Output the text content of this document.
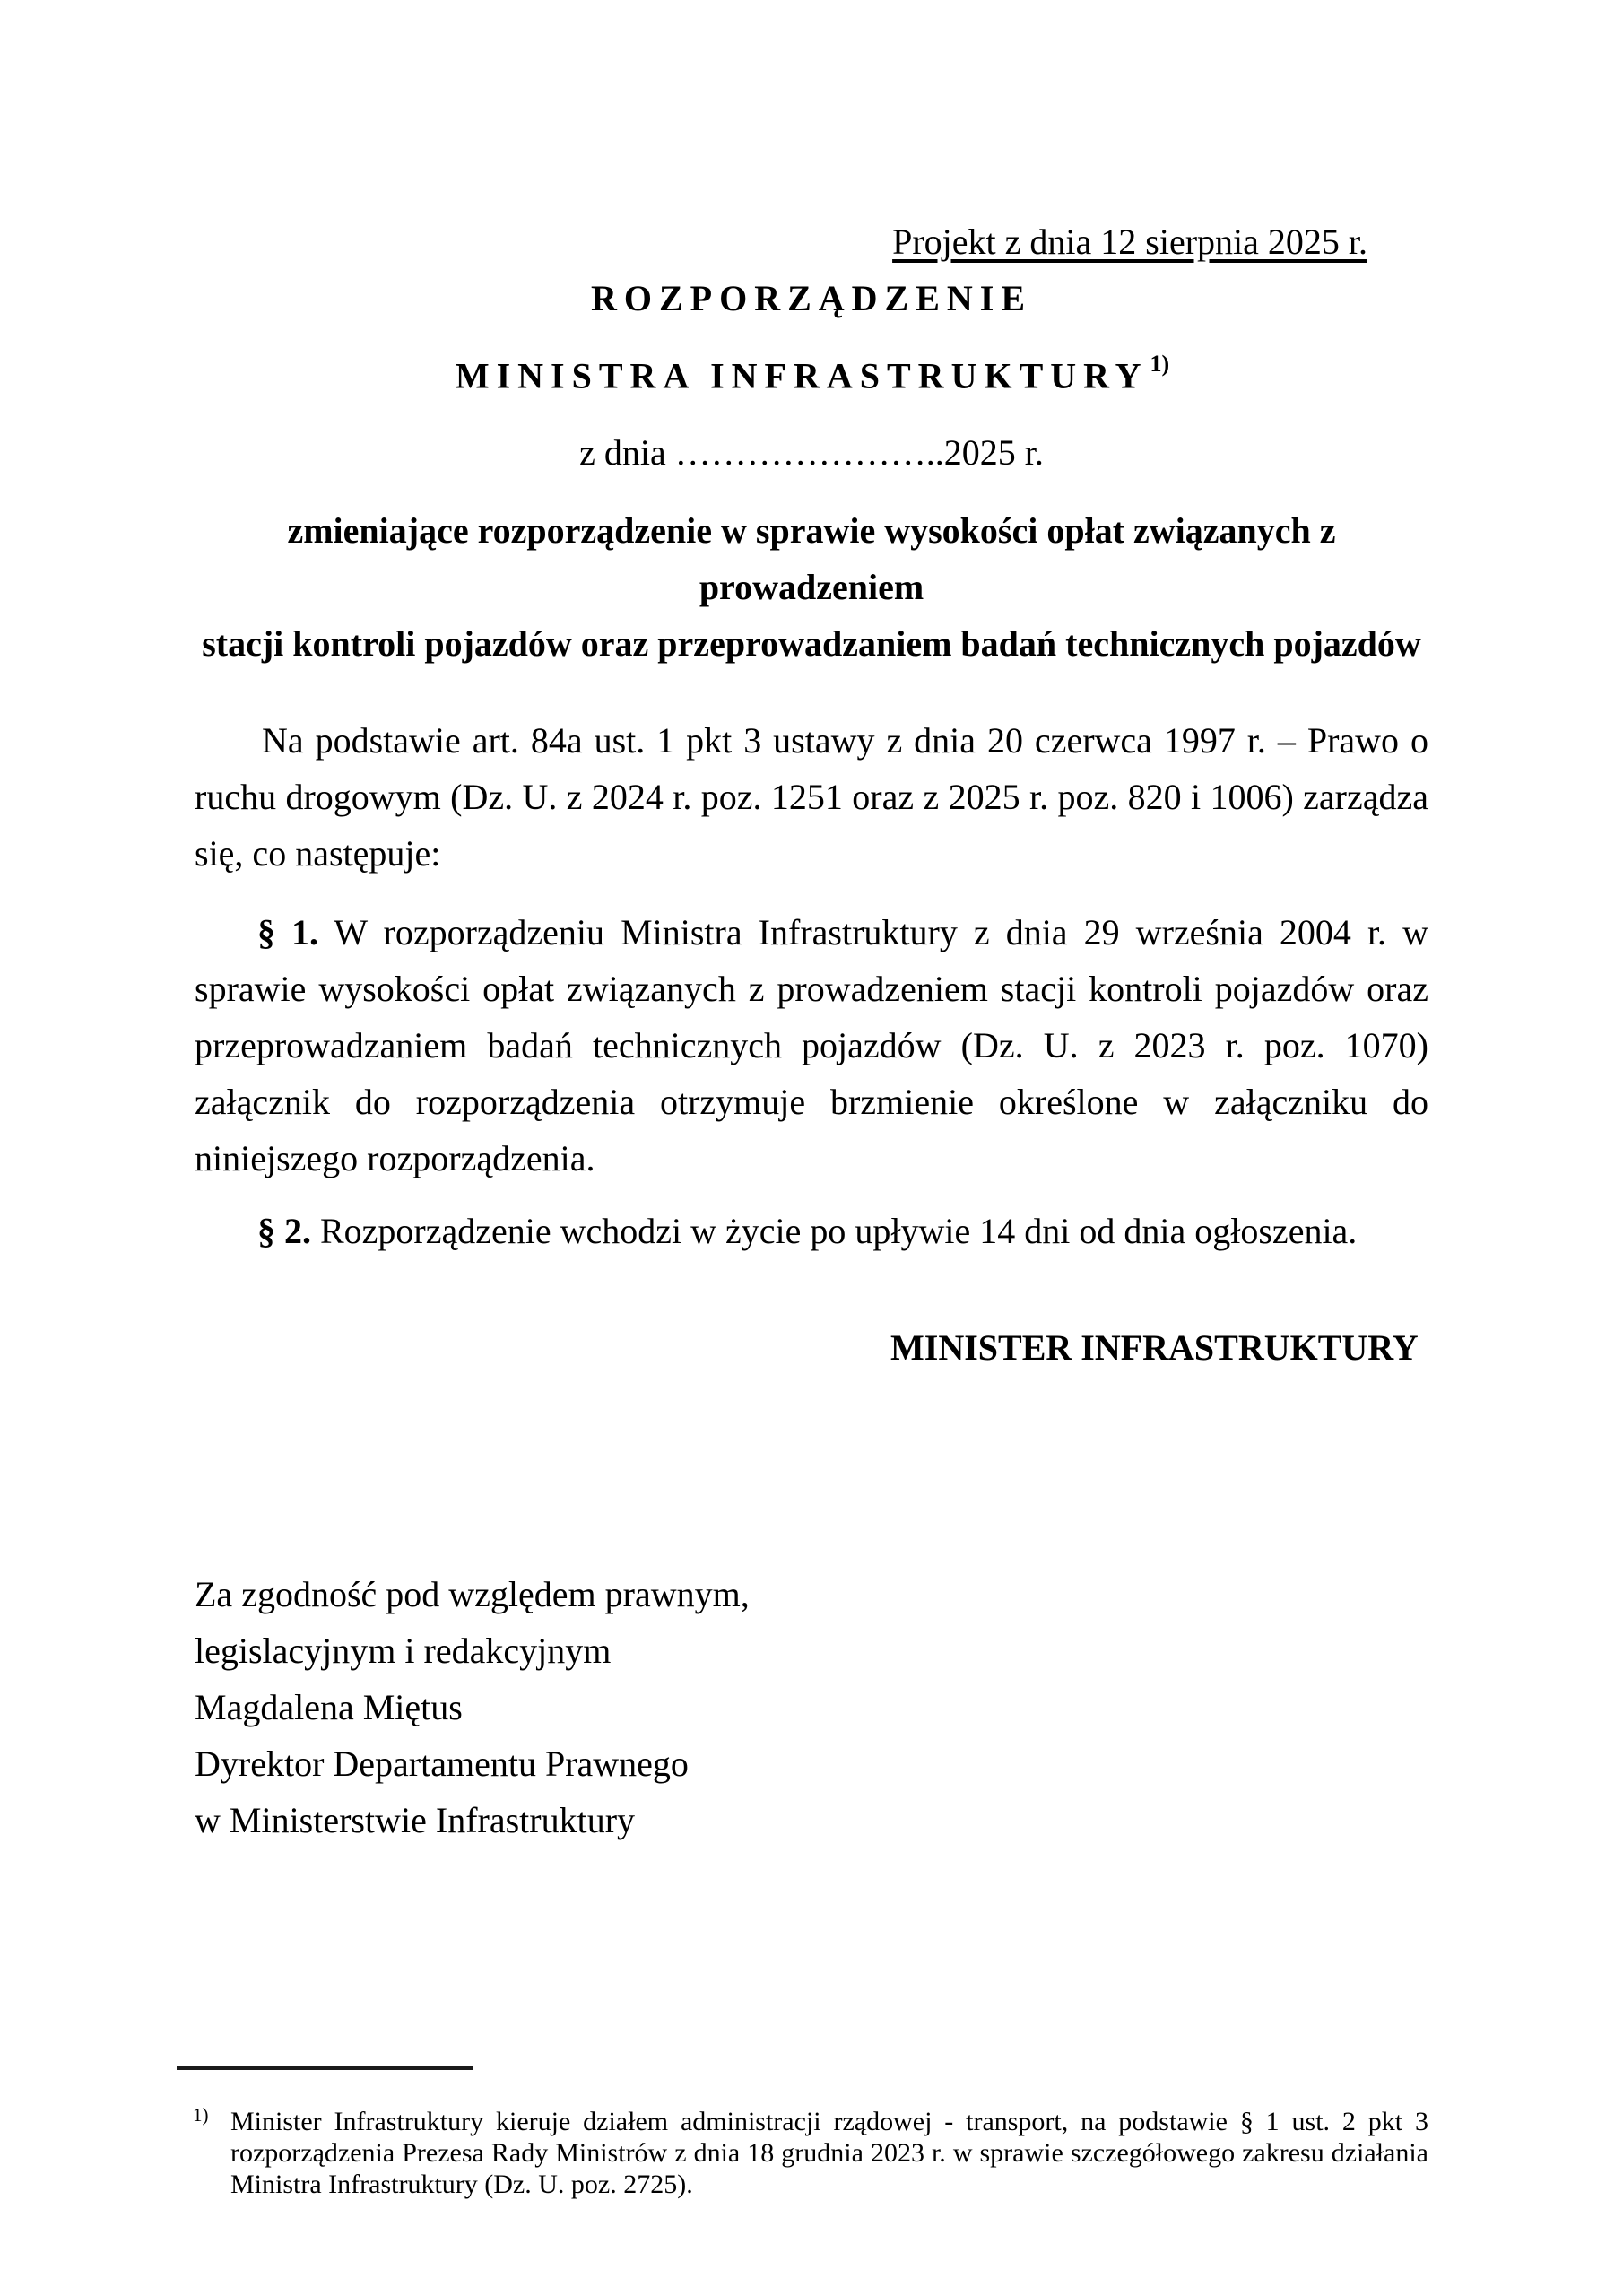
Projekt z dnia 12 sierpnia 2025 r.
ROZPORZĄDZENIE
MINISTRA INFRASTRUKTURY$^{1)}$
z dnia …………………..2025 r.
zmieniające rozporządzenie w sprawie wysokości opłat związanych z prowadzeniem
stacji kontroli pojazdów oraz przeprowadzaniem badań technicznych pojazdów

Na podstawie art. 84a ust. 1 pkt 3 ustawy z dnia 20 czerwca 1997 r. – Prawo o ruchu drogowym (Dz. U. z 2024 r. poz. 1251 oraz z 2025 r. poz. 820 i 1006) zarządza się, co następuje:

§ 1. W rozporządzeniu Ministra Infrastruktury z dnia 29 września 2004 r. w sprawie wysokości opłat związanych z prowadzeniem stacji kontroli pojazdów oraz przeprowadzaniem badań technicznych pojazdów (Dz. U. z 2023 r. poz. 1070) załącznik do rozporządzenia otrzymuje brzmienie określone w załączniku do niniejszego rozporządzenia.

§ 2. Rozporządzenie wchodzi w życie po upływie 14 dni od dnia ogłoszenia.

MINISTER INFRASTRUKTURY
Za zgodność pod względem prawnym,
legislacyjnym i redakcyjnym
Magdalena Miętus
Dyrektor Departamentu Prawnego
w Ministerstwie Infrastruktury

1) Minister Infrastruktury kieruje działem administracji rządowej - transport, na podstawie § 1 ust. 2 pkt 3 rozporządzenia Prezesa Rady Ministrów z dnia 18 grudnia 2023 r. w sprawie szczegółowego zakresu działania Ministra Infrastruktury (Dz. U. poz. 2725).
